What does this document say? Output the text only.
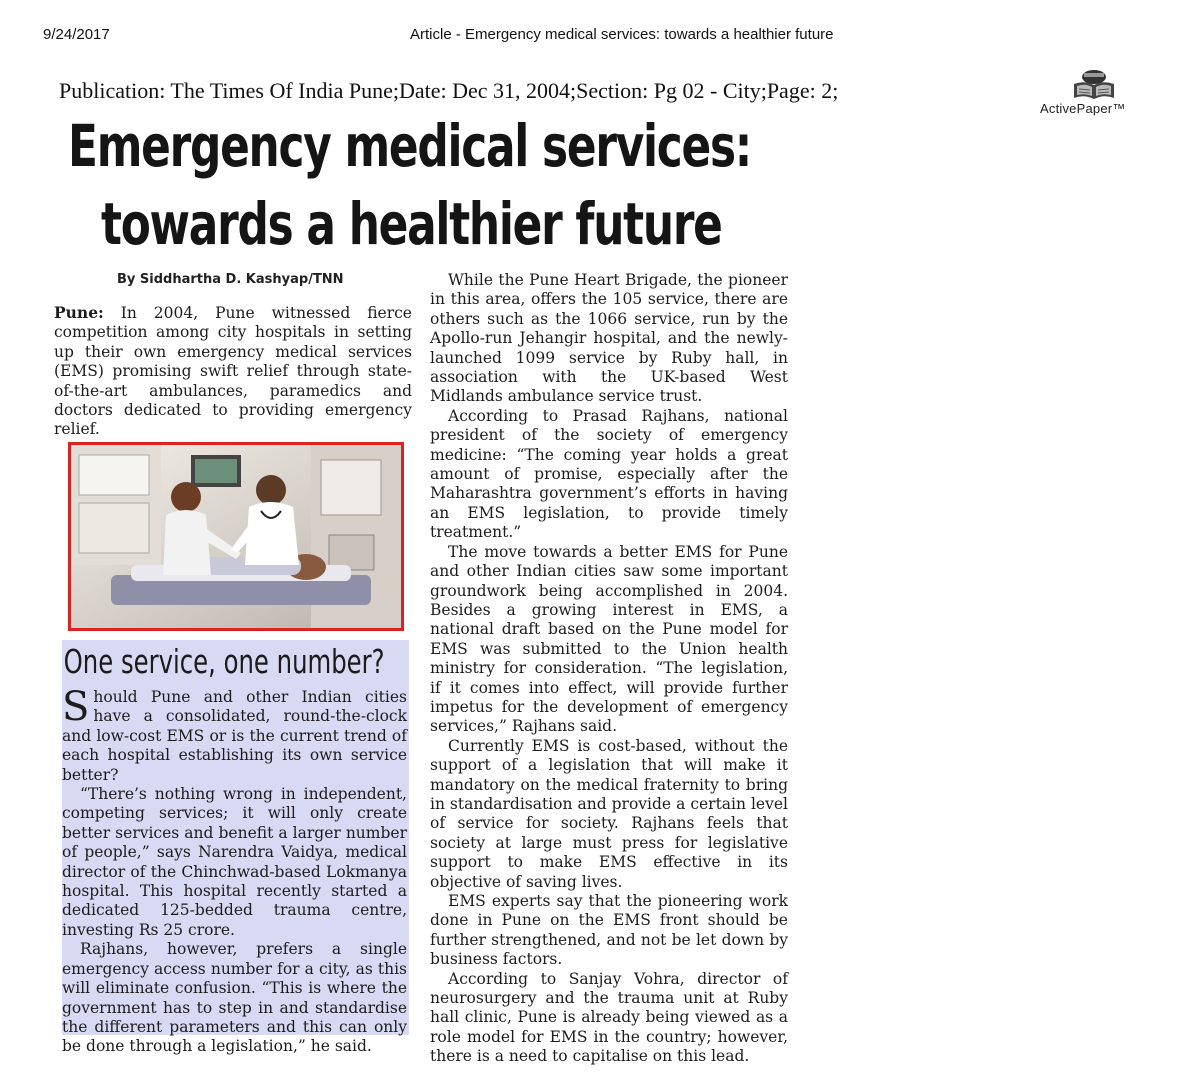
9/24/2017	Article - Emergency medical services: towards a healthier future
Publication: The Times Of India Pune;Date: Dec 31, 2004;Section: Pg 02 - City;Page: 2;
ActivePaper™
Emergency medical services:
towards a healthier future
By Siddhartha D. Kashyap/TNN

Pune: In 2004, Pune witnessed fierce competition among city hospitals in setting up their own emergency medical services (EMS) promising swift relief through state-of-the-art ambulances, paramedics and doctors dedicated to providing emergency relief.

One service, one number?

Should Pune and other Indian cities have a consolidated, round-the-clock and low-cost EMS or is the current trend of each hospital establishing its own service better?

“There’s nothing wrong in independent, competing services; it will only create better services and benefit a larger number of people,” says Narendra Vaidya, medical director of the Chinchwad-based Lokmanya hospital. This hospital recently started a dedicated 125-bedded trauma centre, investing Rs 25 crore.

Rajhans, however, prefers a single emergency access number for a city, as this will eliminate confusion. “This is where the government has to step in and standardise the different parameters and this can only be done through a legislation,” he said.

While the Pune Heart Brigade, the pioneer in this area, offers the 105 service, there are others such as the 1066 service, run by the Apollo-run Jehangir hospital, and the newly-launched 1099 service by Ruby hall, in association with the UK-based West Midlands ambulance service trust.

According to Prasad Rajhans, national president of the society of emergency medicine: “The coming year holds a great amount of promise, especially after the Maharashtra government’s efforts in having an EMS legislation, to provide timely treatment.”

The move towards a better EMS for Pune and other Indian cities saw some important groundwork being accomplished in 2004. Besides a growing interest in EMS, a national draft based on the Pune model for EMS was submitted to the Union health ministry for consideration. “The legislation, if it comes into effect, will provide further impetus for the development of emergency services,” Rajhans said.

Currently EMS is cost-based, without the support of a legislation that will make it mandatory on the medical fraternity to bring in standardisation and provide a certain level of service for society. Rajhans feels that society at large must press for legislative support to make EMS effective in its objective of saving lives.

EMS experts say that the pioneering work done in Pune on the EMS front should be further strengthened, and not be let down by business factors.

According to Sanjay Vohra, director of neurosurgery and the trauma unit at Ruby hall clinic, Pune is already being viewed as a role model for EMS in the country; however, there is a need to capitalise on this lead.
